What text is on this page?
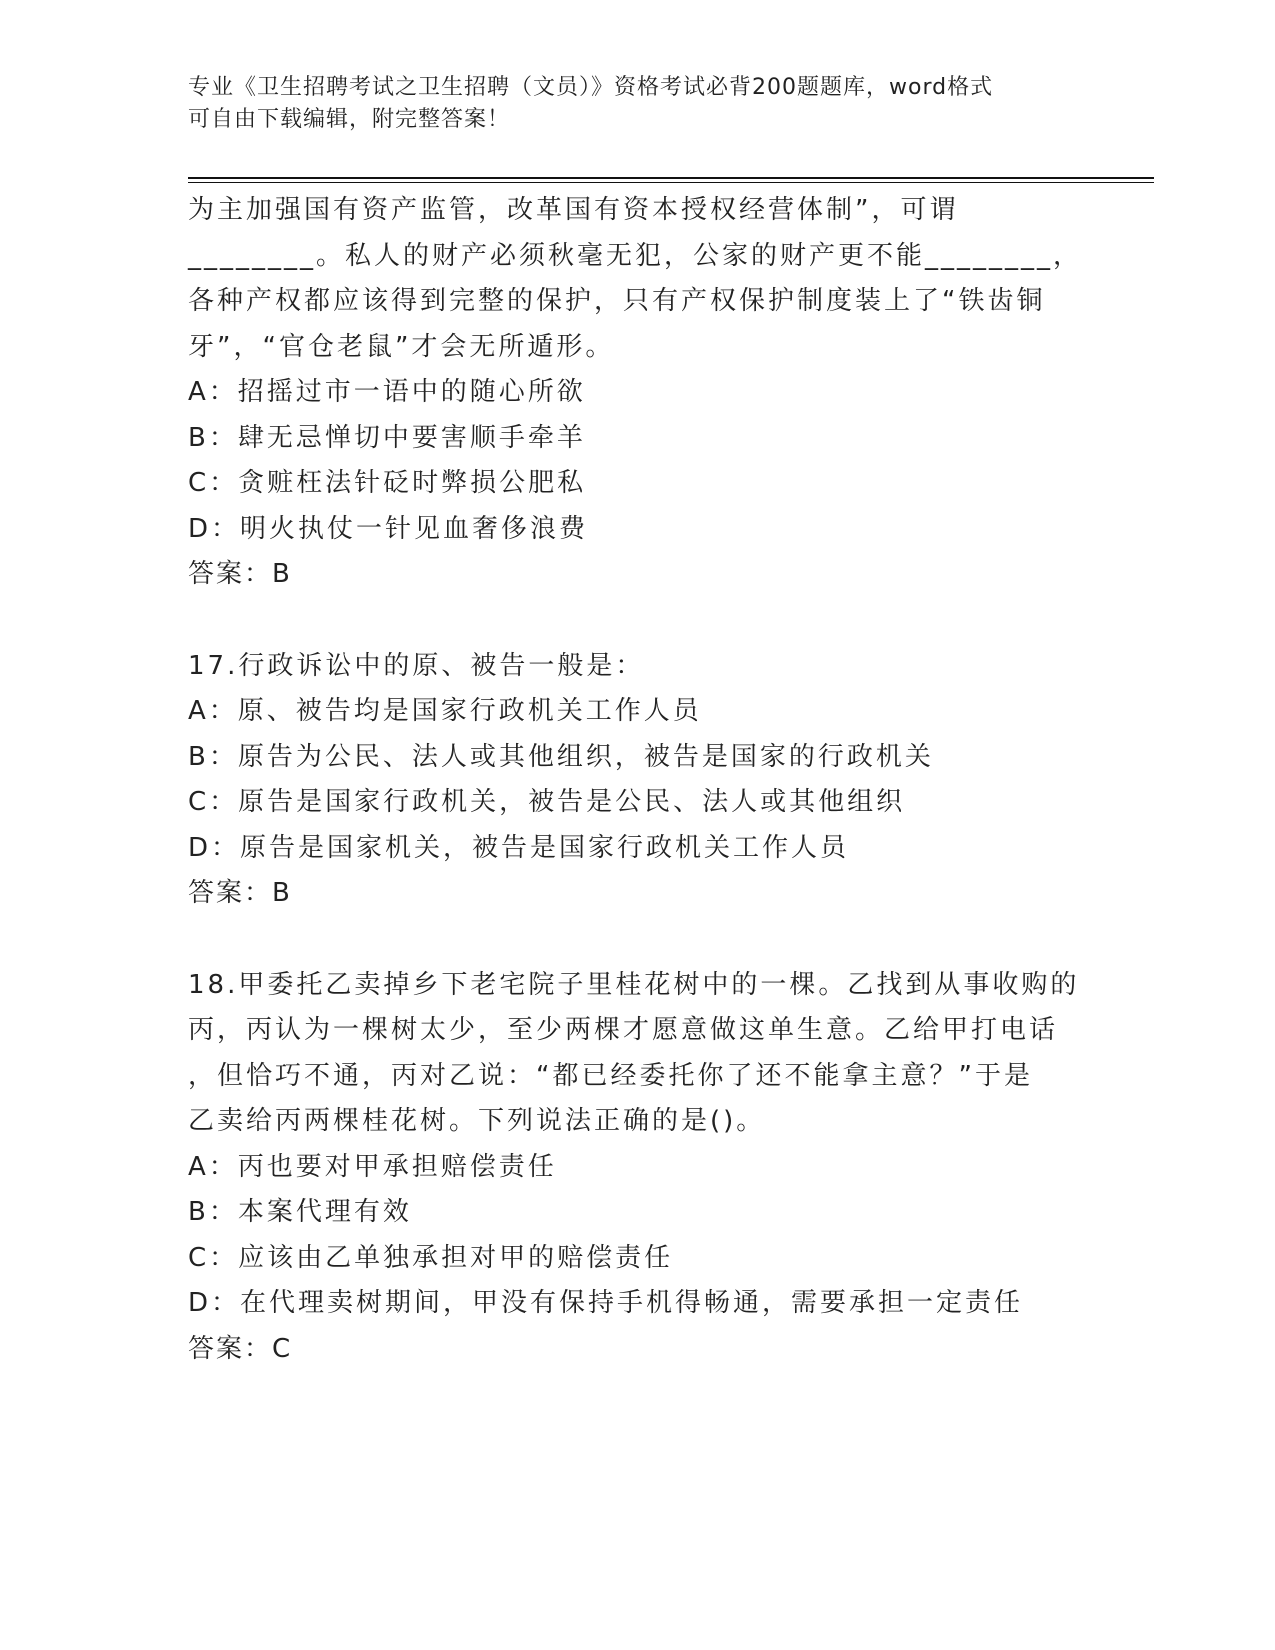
专业《卫生招聘考试之卫生招聘（文员）》资格考试必背200题题库，word格式
可自由下载编辑，附完整答案！
为主加强国有资产监管，改革国有资本授权经营体制”，可谓
________。私人的财产必须秋毫无犯，公家的财产更不能________，
各种产权都应该得到完整的保护，只有产权保护制度装上了“铁齿铜
牙”，“官仓老鼠”才会无所遁形。
A：招摇过市一语中的随心所欲
B：肆无忌惮切中要害顺手牵羊
C：贪赃枉法针砭时弊损公肥私
D：明火执仗一针见血奢侈浪费
答案：B
17.行政诉讼中的原、被告一般是：
A：原、被告均是国家行政机关工作人员
B：原告为公民、法人或其他组织，被告是国家的行政机关
C：原告是国家行政机关，被告是公民、法人或其他组织
D：原告是国家机关，被告是国家行政机关工作人员
答案：B
18.甲委托乙卖掉乡下老宅院子里桂花树中的一棵。乙找到从事收购的
丙，丙认为一棵树太少，至少两棵才愿意做这单生意。乙给甲打电话
，但恰巧不通，丙对乙说：“都已经委托你了还不能拿主意？”于是
乙卖给丙两棵桂花树。下列说法正确的是()。
A：丙也要对甲承担赔偿责任
B：本案代理有效
C：应该由乙单独承担对甲的赔偿责任
D：在代理卖树期间，甲没有保持手机得畅通，需要承担一定责任
答案：C
